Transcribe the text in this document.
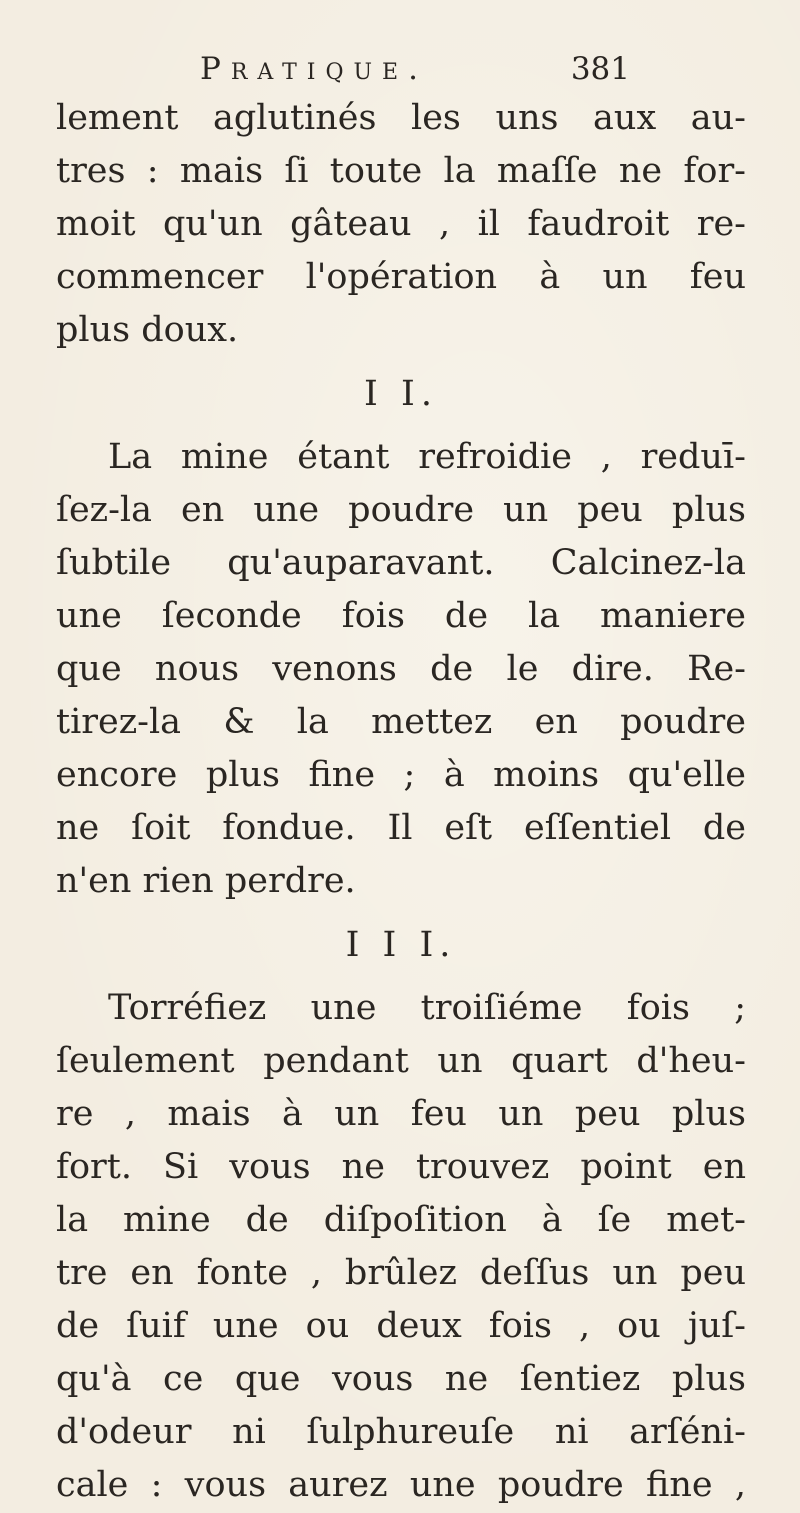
Pratique.	381
lement aglutinés les uns aux au-
tres : mais ſi toute la maſſe ne for-
moit qu'un gâteau , il faudroit re-
commencer l'opération à un feu
plus doux.
I I.
La mine étant refroidie , reduī-
ſez-la en une poudre un peu plus
ſubtile qu'auparavant. Calcinez-la
une ſeconde fois de la maniere
que nous venons de le dire. Re-
tirez-la & la mettez en poudre
encore plus fine ; à moins qu'elle
ne ſoit fondue. Il eſt eſſentiel de
n'en rien perdre.
I I I.
Torréfiez une troiſiéme fois ;
ſeulement pendant un quart d'heu-
re , mais à un feu un peu plus
fort. Si vous ne trouvez point en
la mine de diſpoſition à ſe met-
tre en fonte , brûlez deſſus un peu
de ſuif une ou deux fois , ou juſ-
qu'à ce que vous ne ſentiez plus
d'odeur ni ſulphureuſe ni arſéni-
cale : vous aurez une poudre fine ,
